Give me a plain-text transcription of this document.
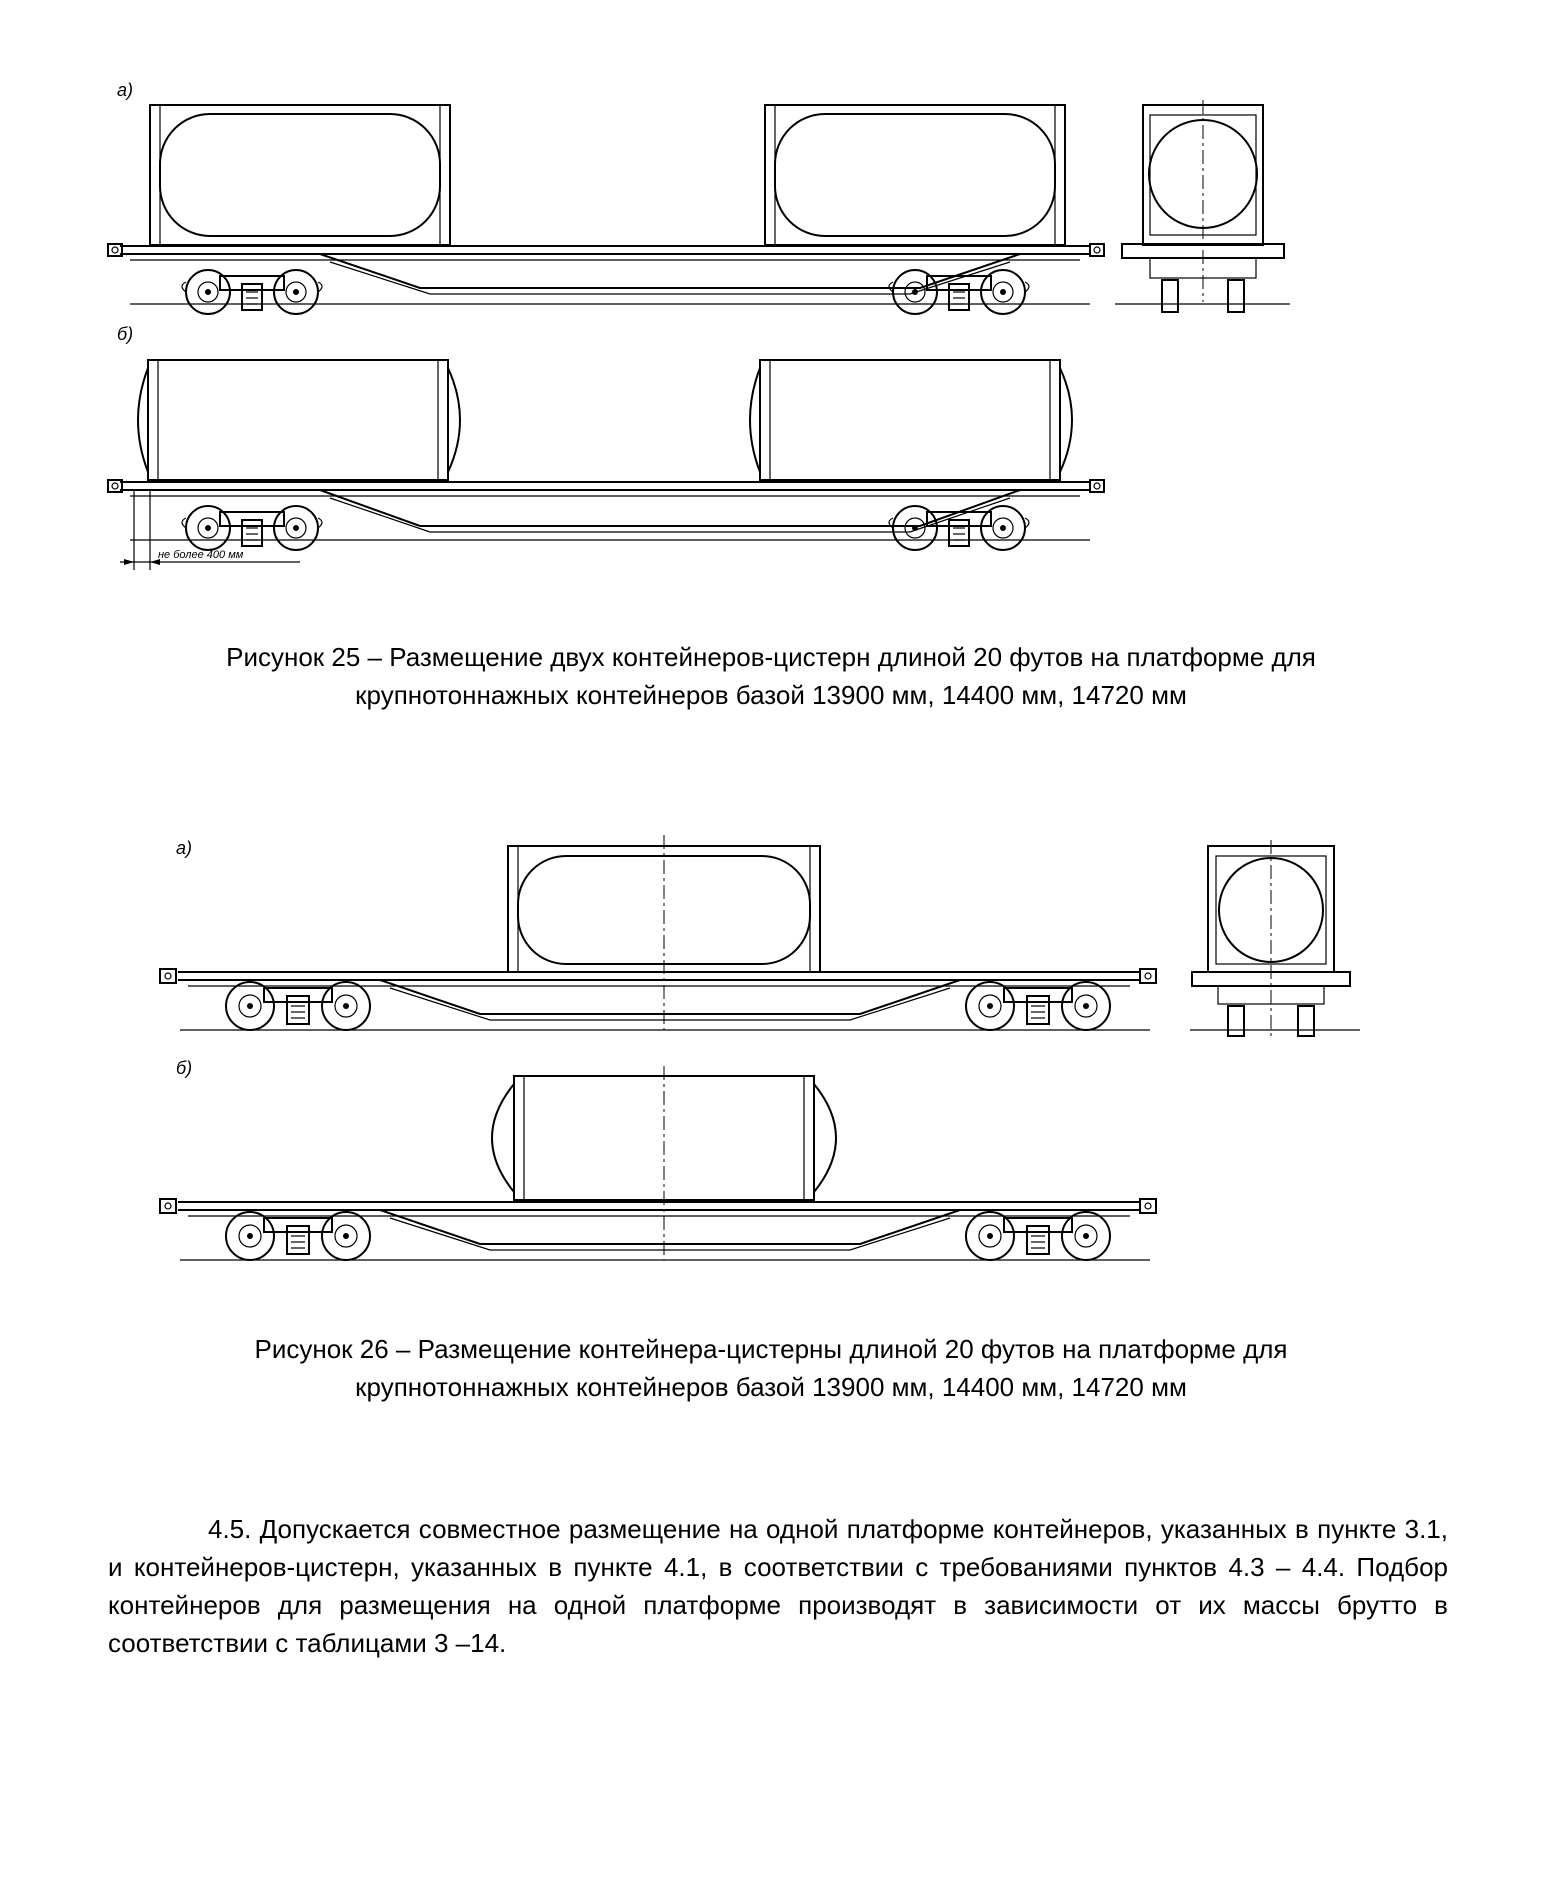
а)
б)
не более 400 мм
Рисунок 25 – Размещение двух контейнеров-цистерн длиной 20 футов на платформе для
крупнотоннажных контейнеров базой 13900 мм, 14400 мм, 14720 мм
а)
б)
Рисунок 26 – Размещение контейнера-цистерны длиной 20 футов на платформе для
крупнотоннажных контейнеров базой 13900 мм, 14400 мм, 14720 мм
4.5. Допускается совместное размещение на одной платформе контейнеров, указанных в пункте 3.1, и контейнеров-цистерн, указанных в пункте 4.1, в соответствии с требованиями пунктов 4.3 – 4.4. Подбор контейнеров для размещения на одной платформе производят в зависимости от их массы брутто в соответствии с таблицами 3 –14.
